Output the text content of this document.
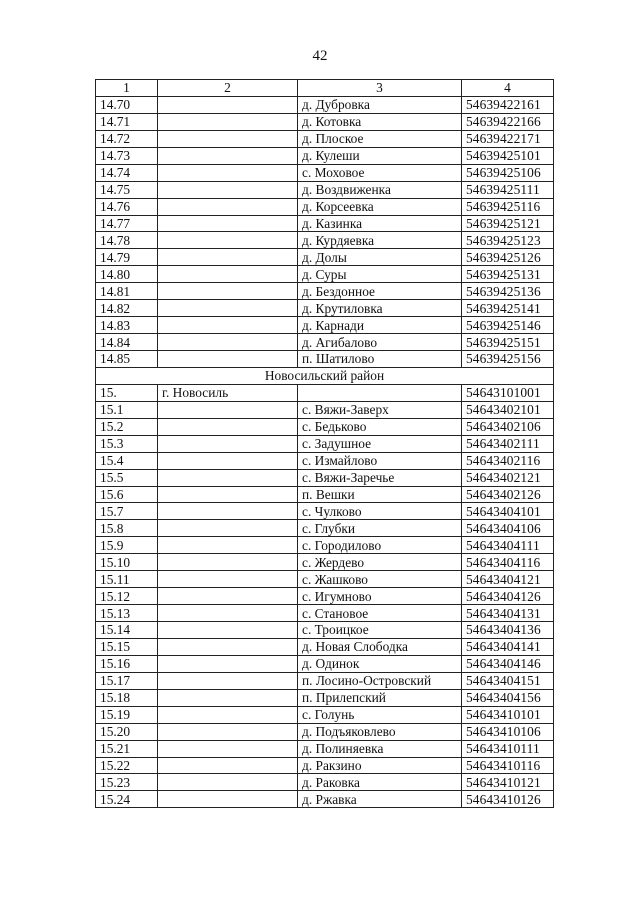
42
1	2	3	4
14.70		д. Дубровка	54639422161
14.71		д. Котовка	54639422166
14.72		д. Плоское	54639422171
14.73		д. Кулеши	54639425101
14.74		с. Моховое	54639425106
14.75		д. Воздвиженка	54639425111
14.76		д. Корсеевка	54639425116
14.77		д. Казинка	54639425121
14.78		д. Курдяевка	54639425123
14.79		д. Долы	54639425126
14.80		д. Суры	54639425131
14.81		д. Бездонное	54639425136
14.82		д. Крутиловка	54639425141
14.83		д. Карнади	54639425146
14.84		д. Агибалово	54639425151
14.85		п. Шатилово	54639425156
Новосильский район			
15.	г. Новосиль		54643101001
15.1		с. Вяжи-Заверх	54643402101
15.2		с. Бедьково	54643402106
15.3		с. Задушное	54643402111
15.4		с. Измайлово	54643402116
15.5		с. Вяжи-Заречье	54643402121
15.6		п. Вешки	54643402126
15.7		с. Чулково	54643404101
15.8		с. Глубки	54643404106
15.9		с. Городилово	54643404111
15.10		с. Жердево	54643404116
15.11		с. Жашково	54643404121
15.12		с. Игумново	54643404126
15.13		с. Становое	54643404131
15.14		с. Троицкое	54643404136
15.15		д. Новая Слободка	54643404141
15.16		д. Одинок	54643404146
15.17		п. Лосино-Островский	54643404151
15.18		п. Прилепский	54643404156
15.19		с. Голунь	54643410101
15.20		д. Подъяковлево	54643410106
15.21		д. Полиняевка	54643410111
15.22		д. Ракзино	54643410116
15.23		д. Раковка	54643410121
15.24		д. Ржавка	54643410126
